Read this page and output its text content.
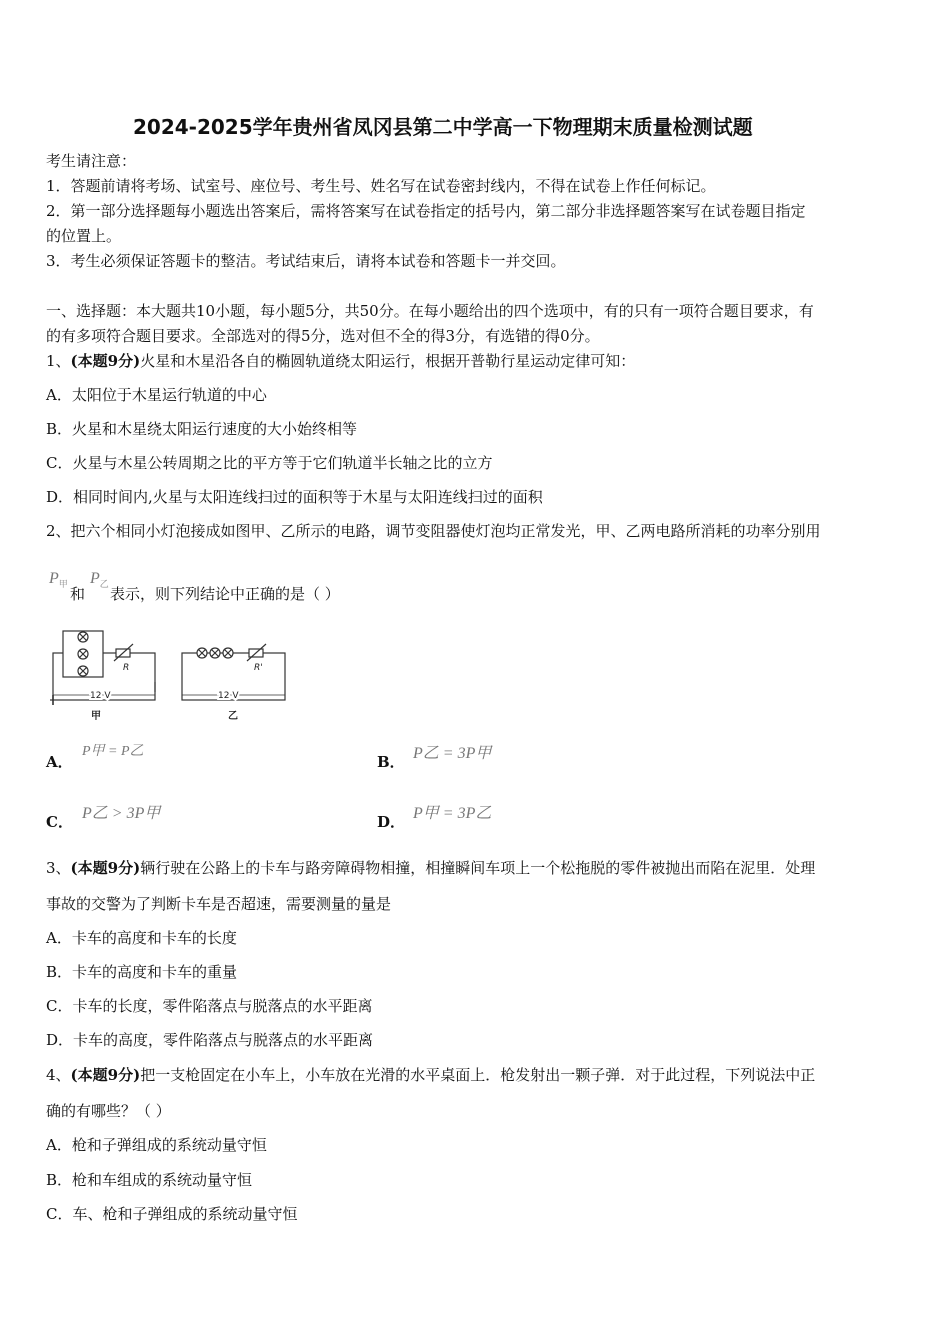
2024-2025学年贵州省凤冈县第二中学高一下物理期末质量检测试题
考生请注意：
1．答题前请将考场、试室号、座位号、考生号、姓名写在试卷密封线内，不得在试卷上作任何标记。
2．第一部分选择题每小题选出答案后，需将答案写在试卷指定的括号内，第二部分非选择题答案写在试卷题目指定
的位置上。
3．考生必须保证答题卡的整洁。考试结束后，请将本试卷和答题卡一并交回。
一、选择题：本大题共10小题，每小题5分，共50分。在每小题给出的四个选项中，有的只有一项符合题目要求，有
的有多项符合题目要求。全部选对的得5分，选对但不全的得3分，有选错的得0分。
1、(本题9分)火星和木星沿各自的椭圆轨道绕太阳运行，根据开普勒行星运动定律可知：
A．太阳位于木星运行轨道的中心
B．火星和木星绕太阳运行速度的大小始终相等
C．火星与木星公转周期之比的平方等于它们轨道半长轴之比的立方
D．相同时间内,火星与太阳连线扫过的面积等于木星与太阳连线扫过的面积
2、把六个相同小灯泡接成如图甲、乙所示的电路，调节变阻器使灯泡均正常发光，甲、乙两电路所消耗的功率分别用
$P_甲$
和
$P_乙$
表示，则下列结论中正确的是（ ）
R	R'
12 V	12 V
甲	乙
A．
P甲 = P乙
B． P乙 = 3P甲
C． P乙 > 3P甲	D． P甲 = 3P乙
3、(本题9分)辆行驶在公路上的卡车与路旁障碍物相撞，相撞瞬间车项上一个松拖脱的零件被抛出而陷在泥里．处理
事故的交警为了判断卡车是否超速，需要测量的量是
A．卡车的高度和卡车的长度
B．卡车的高度和卡车的重量
C．卡车的长度，零件陷落点与脱落点的水平距离
D．卡车的高度，零件陷落点与脱落点的水平距离
4、(本题9分)把一支枪固定在小车上，小车放在光滑的水平桌面上．枪发射出一颗子弹．对于此过程，下列说法中正
确的有哪些？（ ）
A．枪和子弹组成的系统动量守恒
B．枪和车组成的系统动量守恒
C．车、枪和子弹组成的系统动量守恒
